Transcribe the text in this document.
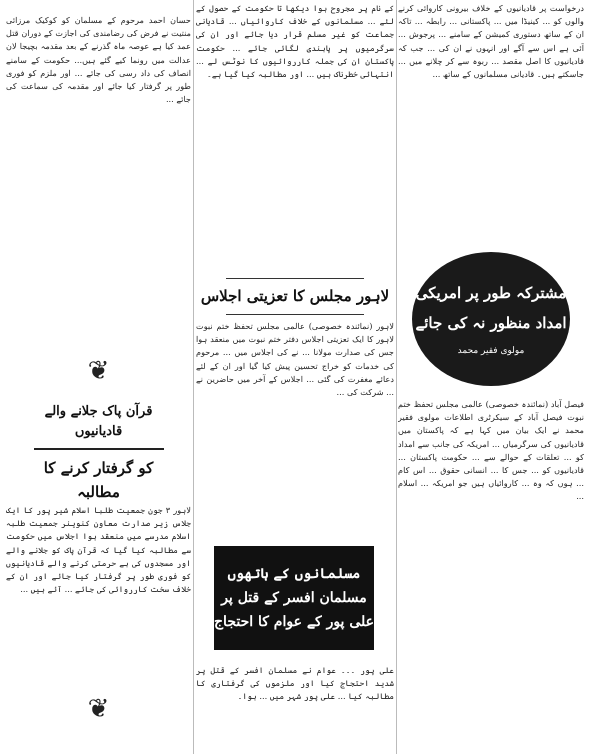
حسان احمد مرحوم کے مسلمان کو کوکیک مرزائی منتیت نے فرض کی رضامندی کی اجازت کے دوران قتل عمد کیا ہے عوصہ ماہ گذرنے کے بعد مقدمہ بچیجا لان عدالت میں رونما کیے گئے ہیں... حکومت کے سامنے انصاف کی داد رسی کی جائے ... اور ملزم کو فوری طور پر گرفتار کیا جائے اور مقدمہ کی سماعت کی جائے ...

❦

قرآن پاک جلانے والے قادیانیوں

کو گرفتار کرنے کا مطالبہ

لاہور ۳ جون جمعیت طلبا اسلام شیر پور کا ایک جلاس زیر صدارت معاون کنوینر جمعیت طلبہ اسلام مدرسے میں منعقد ہوا اجلاس میں حکومت سے مطالبہ کیا گیا کہ قرآن پاک کو جلانے والے اور مسجدوں کی بے حرمتی کرنے والے قادیانیوں کو فوری طور پر گرفتار کیا جائے اور ان کے خلاف سخت کارروائی کی جائے ... آئے ہیں ...

❦

کے نام پر مجروح ہوا دیکھا تا حکومت کے حصول کے لئے ... مسلمانوں کے خلاف کاروائیاں ... قادیانی جماعت کو غیر مسلم قرار دیا جائے اور ان کی سرگرمیوں پر پابندی لگائی جائے ... حکومت پاکستان ان کی جملہ کارروائیوں کا نوٹس لے ... انتہائی خطرناک ہیں ... اور مطالبہ کیا گیا ہے۔

لاہور مجلس کا تعزیتی اجلاس

لاہور (نمائندہ خصوصی) عالمی مجلس تحفظ ختم نبوت لاہور کا ایک تعزیتی اجلاس دفتر ختم نبوت میں منعقد ہوا جس کی صدارت مولانا ... نے کی اجلاس میں ... مرحوم کی خدمات کو خراج تحسین پیش کیا گیا اور ان کے لئے دعائے مغفرت کی گئی ... اجلاس کے آخر میں حاضرین نے ... شرکت کی ...

مسلمانوں کے ہاتھوں
مسلمان افسر کے قتل پر
علی پور کے عوام کا احتجاج

علی پور ۔۔۔ عوام نے مسلمان افسر کے قتل پر شدید احتجاج کیا اور ملزموں کی گرفتاری کا مطالبہ کیا ... علی پور شہر میں ... ہوا۔

درخواست پر قادیانیوں کے خلاف بیرونی کاروائی کرنے والوں کو ... کینیڈا میں ... پاکستانی ... رابطہ ... تاکہ ان کے ساتھ دستوری کمیشن کے سامنے ... پرجوش ... آئی ہے اس سے آگے اور انہوں نے ان کی ... جب کہ قادیانیوں کا اصل مقصد ... ربوہ سے کر چلانے میں ... جاسکتے ہیں۔ قادیانی مسلمانوں کے ساتھ ...

مشترکہ طور پر امریکی
امداد منظور نہ کی جائے
مولوی فقیر محمد

فیصل آباد (نمائندہ خصوصی) عالمی مجلس تحفظ ختم نبوت فیصل آباد کے سیکرٹری اطلاعات مولوی فقیر محمد نے ایک بیان میں کہا ہے کہ پاکستان میں قادیانیوں کی سرگرمیاں ... امریکہ کی جانب سے امداد کو ... تعلقات کے حوالے سے ... حکومت پاکستان ... قادیانیوں کو ... جس کا ... انسانی حقوق ... اس کام ... ہوں کہ وہ ... کاروائیاں ہیں جو امریکہ ... اسلام ...
